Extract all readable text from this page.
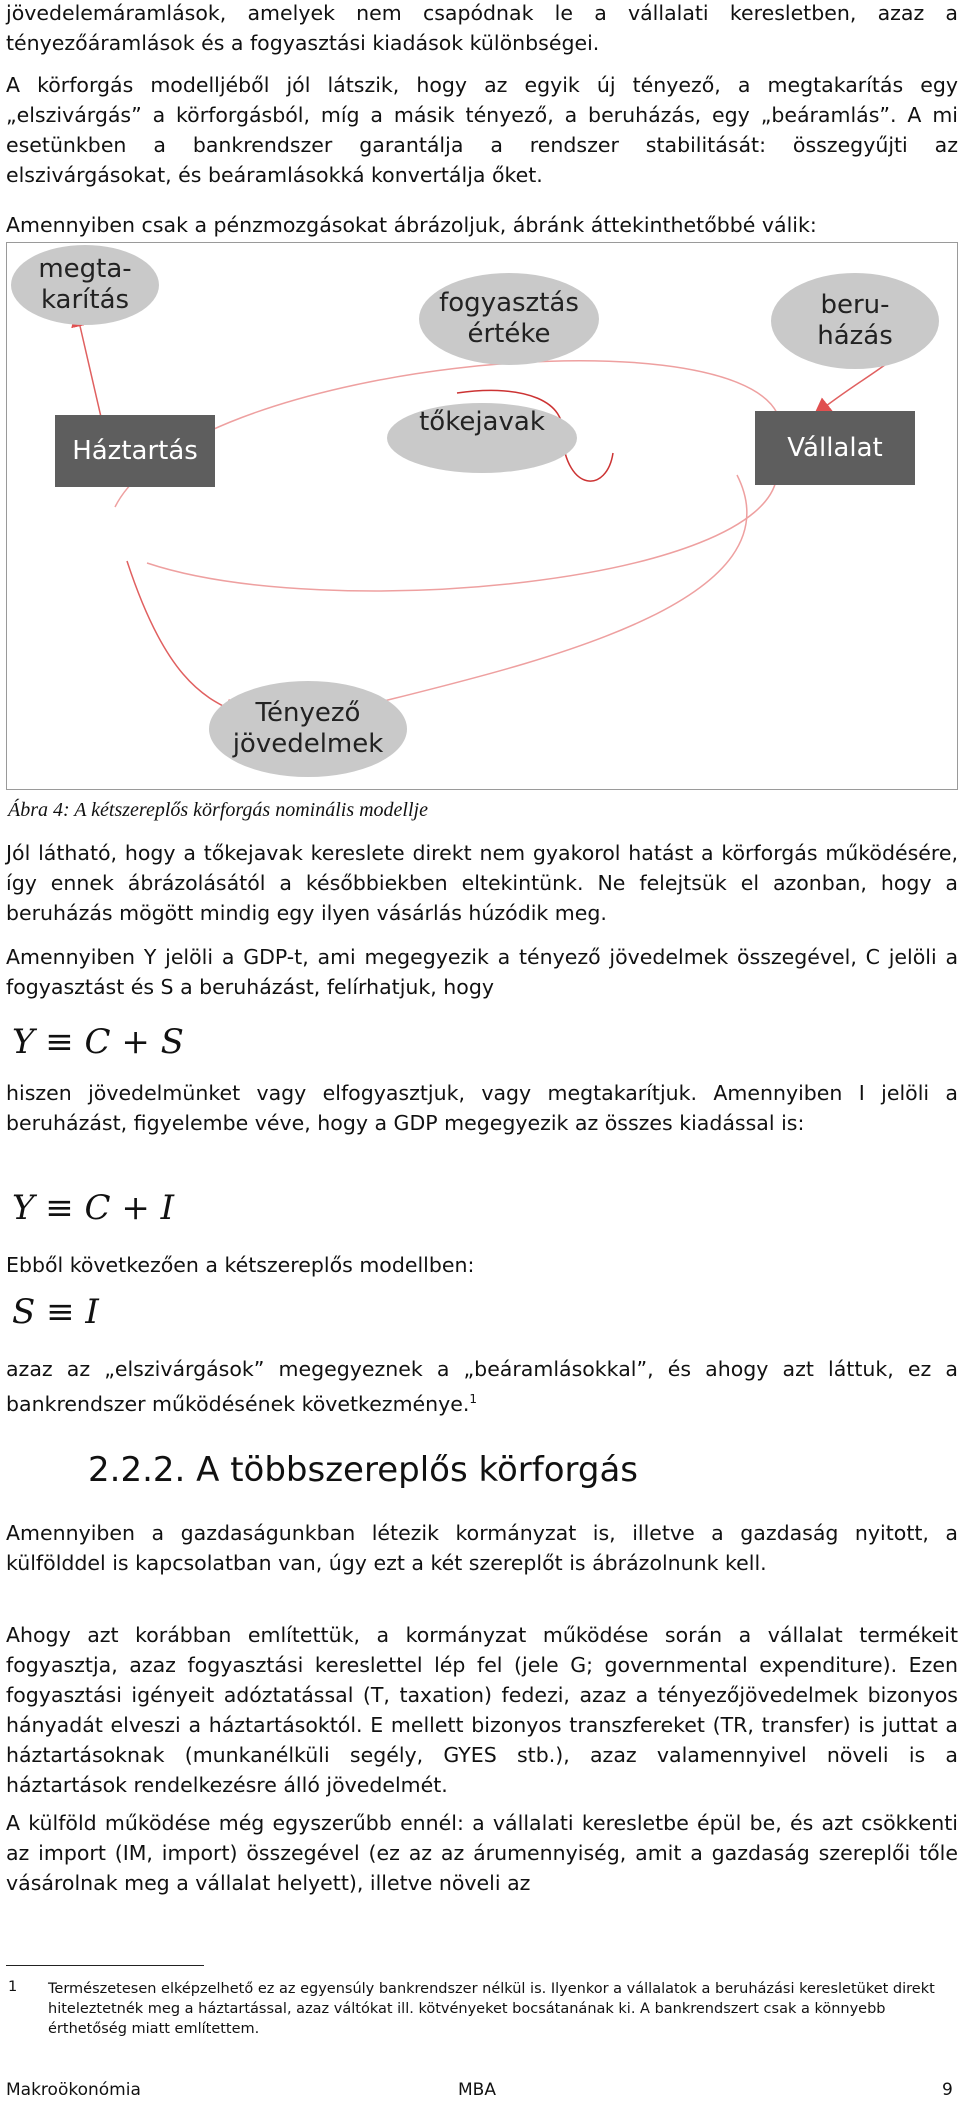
jövedelemáramlások, amelyek nem csapódnak le a vállalati keresletben, azaz a tényezőáramlások és a fogyasztási kiadások különbségei.

A körforgás modelljéből jól látszik, hogy az egyik új tényező, a megtakarítás egy „elszivárgás” a körforgásból, míg a másik tényező, a beruházás, egy „beáramlás”. A mi esetünkben a bankrendszer garantálja a rendszer stabilitását: összegyűjti az elszivárgásokat, és beáramlásokká konvertálja őket.

Amennyiben csak a pénzmozgásokat ábrázoljuk, ábránk áttekinthetőbbé válik:

megta-
karítás	fogyasztás
értéke
beru-
házás
Háztartás
tőkejavak
Vállalat
Tényező
jövedelmek
Ábra 4: A kétszereplős körforgás nominális modellje

Jól látható, hogy a tőkejavak kereslete direkt nem gyakorol hatást a körforgás működésére, így ennek ábrázolásától a későbbiekben eltekintünk. Ne felejtsük el azonban, hogy a beruházás mögött mindig egy ilyen vásárlás húzódik meg.

Amennyiben Y jelöli a GDP-t, ami megegyezik a tényező jövedelmek összegével, C jelöli a fogyasztást és S a beruházást, felírhatjuk, hogy

Y ≡ C + S

hiszen jövedelmünket vagy elfogyasztjuk, vagy megtakarítjuk. Amennyiben I jelöli a beruházást, figyelembe véve, hogy a GDP megegyezik az összes kiadással is:

Y ≡ C + I

Ebből következően a kétszereplős modellben:

S ≡ I

azaz az „elszivárgások” megegyeznek a „beáramlásokkal”, és ahogy azt láttuk, ez a bankrendszer működésének következménye.$^1$

2.2.2. A többszereplős körforgás

Amennyiben a gazdaságunkban létezik kormányzat is, illetve a gazdaság nyitott, a külfölddel is kapcsolatban van, úgy ezt a két szereplőt is ábrázolnunk kell.

Ahogy azt korábban említettük, a kormányzat működése során a vállalat termékeit fogyasztja, azaz fogyasztási kereslettel lép fel (jele G; governmental expenditure). Ezen fogyasztási igényeit adóztatással (T, taxation) fedezi, azaz a tényezőjövedelmek bizonyos hányadát elveszi a háztartásoktól. E mellett bizonyos transzfereket (TR, transfer) is juttat a háztartásoknak (munkanélküli segély, GYES stb.), azaz valamennyivel növeli is a háztartások rendelkezésre álló jövedelmét.

A külföld működése még egyszerűbb ennél: a vállalati keresletbe épül be, és azt csökkenti az import (IM, import) összegével (ez az az árumennyiség, amit a gazdaság szereplői tőle vásárolnak meg a vállalat helyett), illetve növeli az

1 Természetesen elképzelhető ez az egyensúly bankrendszer nélkül is. Ilyenkor a vállalatok a beruházási keresletüket direkt hiteleztetnék meg a háztartással, azaz váltókat ill. kötvényeket bocsátanának ki. A bankrendszert csak a könnyebb érthetőség miatt említettem.
Makroökonómia	MBA	9
